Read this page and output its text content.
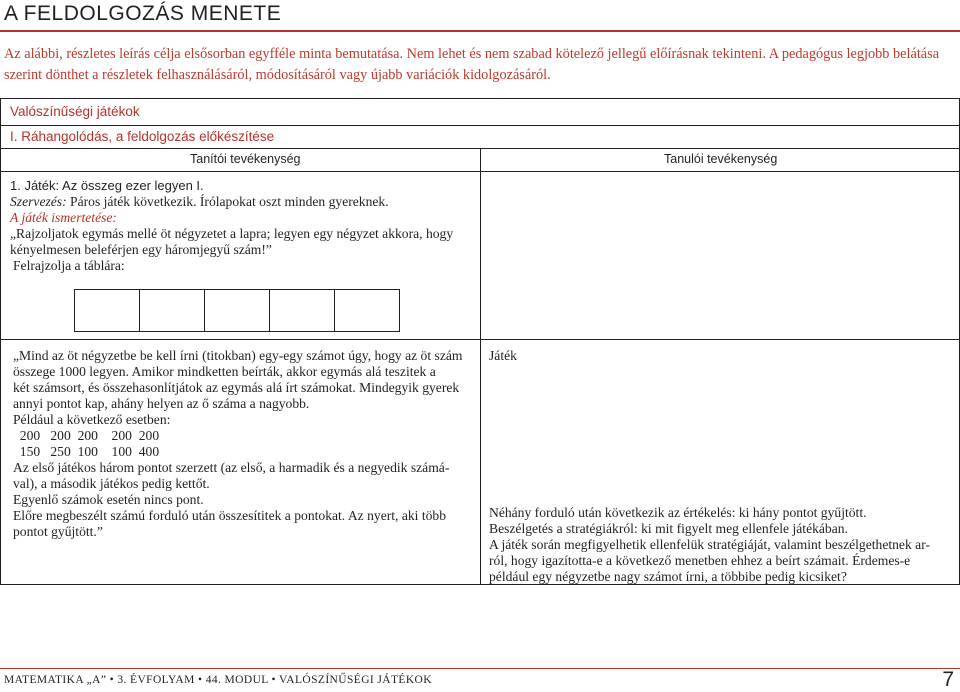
A FELDOLGOZÁS MENETE

Az alábbi, részletes leírás célja elsősorban egyfféle minta bemutatása. Nem lehet és nem szabad kötelező jellegű előírásnak tekinteni. A pedagógus legjobb belátása szerint dönthet a részletek felhasználásáról, módosításáról vagy újabb variációk kidolgozásáról.

Valószínűségi játékok
I. Ráhangolódás, a feldolgozás előkészítése
Tanítói tevékenység	Tanulói tevékenység
1. Játék: Az összeg ezer legyen I.
Szervezés: Páros játék következik. Írólapokat oszt minden gyereknek.
A játék ismertetése:
„Rajzoljatok egymás mellé öt négyzetet a lapra; legyen egy négyzet akkora, hogy
kényelmesen beleférjen egy háromjegyű szám!”
Felrajzolja a táblára:
„Mind az öt négyzetbe be kell írni (titokban) egy-egy számot úgy, hogy az öt szám
összege 1000 legyen. Amikor mindketten beírták, akkor egymás alá teszitek a
két számsort, és összehasonlítjátok az egymás alá írt számokat. Mindegyik gyerek
annyi pontot kap, ahány helyen az ő száma a nagyobb.
Például a következő esetben:
200   200  200    200  200
150   250  100    100  400
Az első játékos három pontot szerzett (az első, a harmadik és a negyedik számá-
val), a második játékos pedig kettőt.
Egyenlő számok esetén nincs pont.
Előre megbeszélt számú forduló után összesítitek a pontokat. Az nyert, aki több
pontot gyűjtött.”
Játék
Néhány forduló után következik az értékelés: ki hány pontot gyűjtött.
Beszélgetés a stratégiákról: ki mit figyelt meg ellenfele játékában.
A játék során megfigyelhetik ellenfelük stratégiáját, valamint beszélgethetnek ar-
ról, hogy igazította-e a következő menetben ehhez a beírt számait. Érdemes-e
például egy négyzetbe nagy számot írni, a többibe pedig kicsiket?
MATEMATIKA „A” • 3. ÉVFOLYAM • 44. MODUL • VALÓSZÍNŰSÉGI JÁTÉKOK	7
